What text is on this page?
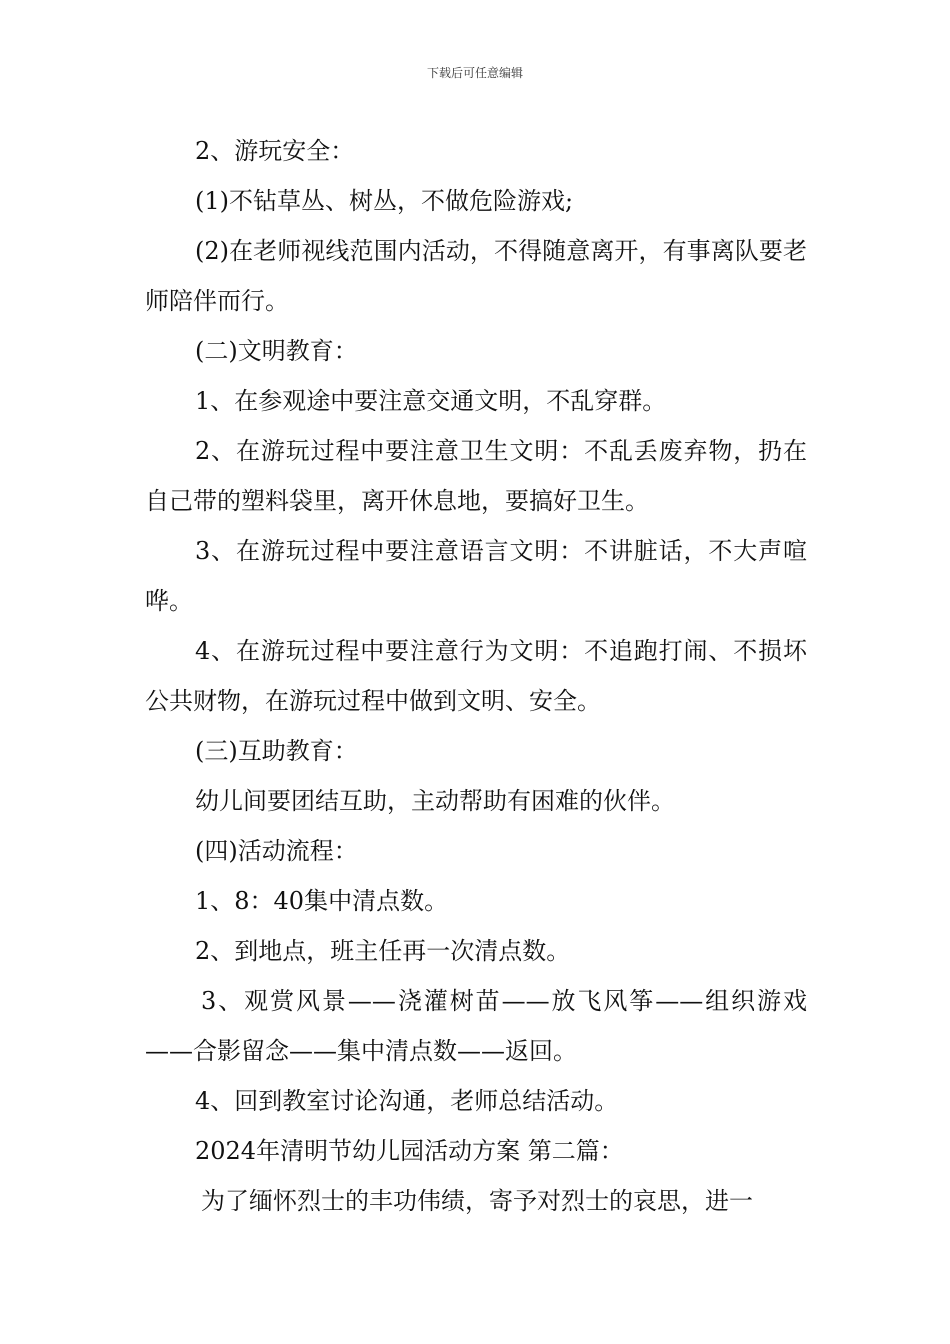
下载后可任意编辑

2、游玩安全：

(1)不钻草丛、树丛，不做危险游戏;

(2)在老师视线范围内活动，不得随意离开，有事离队要老师陪伴而行。

(二)文明教育：

1、在参观途中要注意交通文明，不乱穿群。

2、在游玩过程中要注意卫生文明：不乱丢废弃物，扔在自己带的塑料袋里，离开休息地，要搞好卫生。

3、在游玩过程中要注意语言文明：不讲脏话，不大声喧哗。

4、在游玩过程中要注意行为文明：不追跑打闹、不损坏公共财物，在游玩过程中做到文明、安全。

(三)互助教育：

幼儿间要团结互助，主动帮助有困难的伙伴。

(四)活动流程：

1、8：40集中清点数。

2、到地点，班主任再一次清点数。

3、观赏风景——浇灌树苗——放飞风筝——组织游戏——合影留念——集中清点数——返回。

4、回到教室讨论沟通，老师总结活动。

2024年清明节幼儿园活动方案 第二篇：

为了缅怀烈士的丰功伟绩，寄予对烈士的哀思，进一
